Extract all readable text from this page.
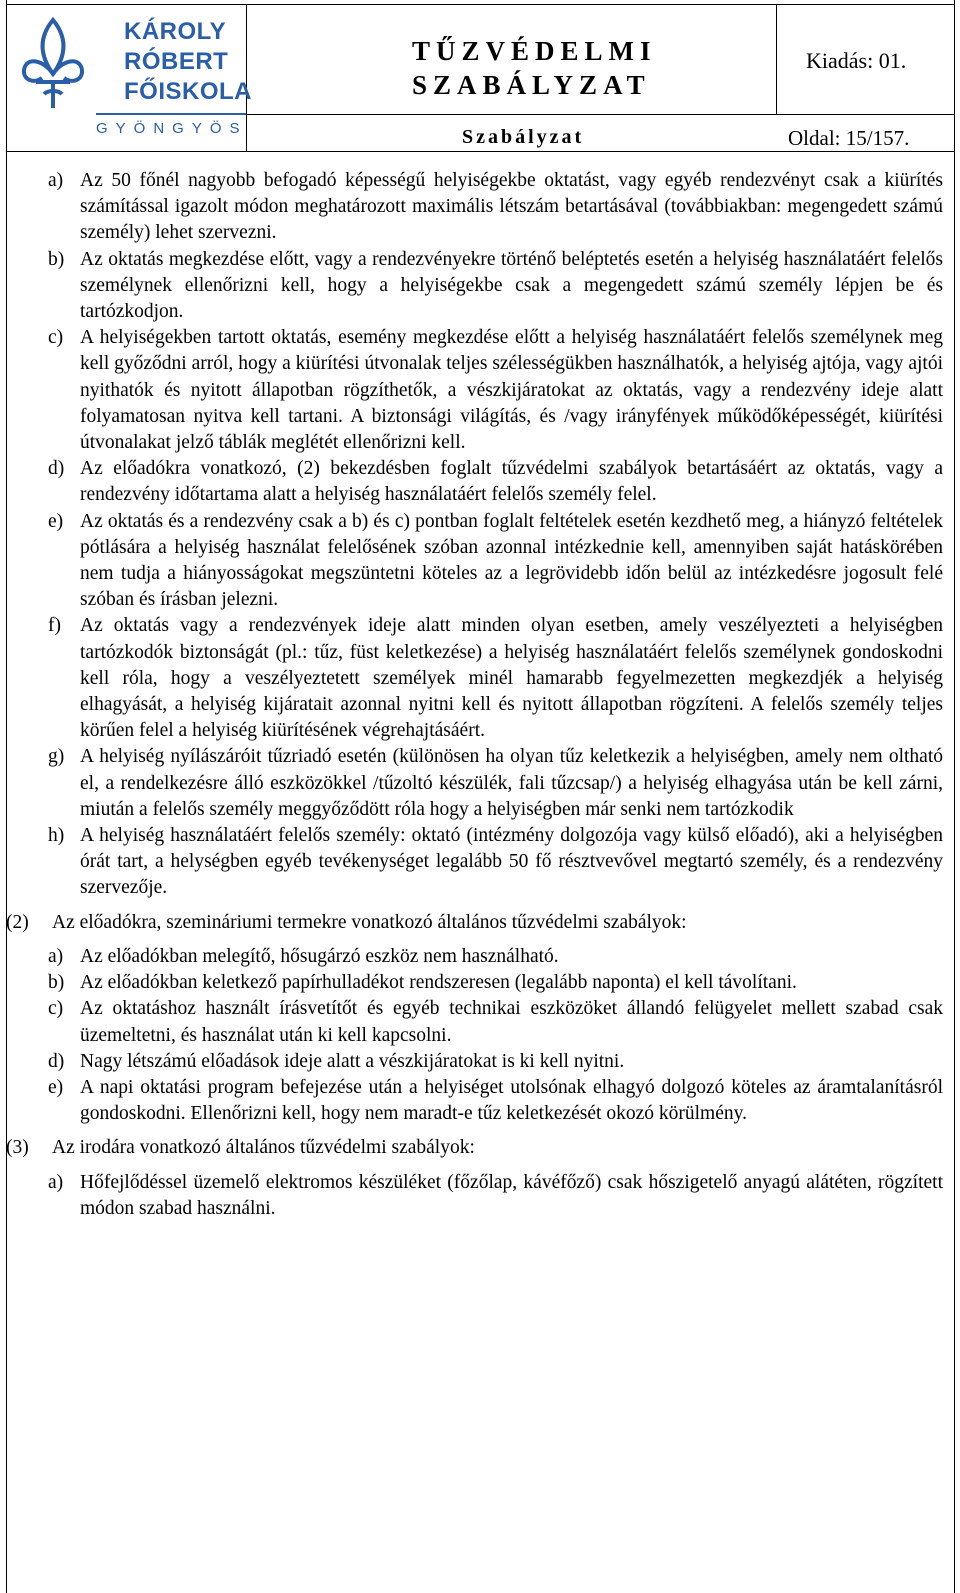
KÁROLY
RÓBERT
FŐISKOLA
GYÖNGYÖS
TŰZVÉDELMI
SZABÁLYZAT
Kiadás: 01.
Szabályzat	Oldal: 15/157.
a) Az 50 főnél nagyobb befogadó képességű helyiségekbe oktatást, vagy egyéb rendezvényt csak a kiürítés számítással igazolt módon meghatározott maximális létszám betartásával (továbbiakban: megengedett számú személy) lehet szervezni.
b) Az oktatás megkezdése előtt, vagy a rendezvényekre történő beléptetés esetén a helyiség használatáért felelős személynek ellenőrizni kell, hogy a helyiségekbe csak a megengedett számú személy lépjen be és tartózkodjon.
c) A helyiségekben tartott oktatás, esemény megkezdése előtt a helyiség használatáért felelős személynek meg kell győződni arról, hogy a kiürítési útvonalak teljes szélességükben használhatók, a helyiség ajtója, vagy ajtói nyithatók és nyitott állapotban rögzíthetők, a vészkijáratokat az oktatás, vagy a rendezvény ideje alatt folyamatosan nyitva kell tartani. A biztonsági világítás, és /vagy irányfények működőképességét, kiürítési útvonalakat jelző táblák meglétét ellenőrizni kell.
d) Az előadókra vonatkozó, (2) bekezdésben foglalt tűzvédelmi szabályok betartásáért az oktatás, vagy a rendezvény időtartama alatt a helyiség használatáért felelős személy felel.
e) Az oktatás és a rendezvény csak a b) és c) pontban foglalt feltételek esetén kezdhető meg, a hiányzó feltételek pótlására a helyiség használat felelősének szóban azonnal intézkednie kell, amennyiben saját hatáskörében nem tudja a hiányosságokat megszüntetni köteles az a legrövidebb időn belül az intézkedésre jogosult felé szóban és írásban jelezni.
f) Az oktatás vagy a rendezvények ideje alatt minden olyan esetben, amely veszélyezteti a helyiségben tartózkodók biztonságát (pl.: tűz, füst keletkezése) a helyiség használatáért felelős személynek gondoskodni kell róla, hogy a veszélyeztetett személyek minél hamarabb fegyelmezetten megkezdjék a helyiség elhagyását, a helyiség kijáratait azonnal nyitni kell és nyitott állapotban rögzíteni. A felelős személy teljes körűen felel a helyiség kiürítésének végrehajtásáért.
g) A helyiség nyílászáróit tűzriadó esetén (különösen ha olyan tűz keletkezik a helyiségben, amely nem oltható el, a rendelkezésre álló eszközökkel /tűzoltó készülék, fali tűzcsap/) a helyiség elhagyása után be kell zárni, miután a felelős személy meggyőződött róla hogy a helyiségben már senki nem tartózkodik
h) A helyiség használatáért felelős személy: oktató (intézmény dolgozója vagy külső előadó), aki a helyiségben órát tart, a helységben egyéb tevékenységet legalább 50 fő résztvevővel megtartó személy, és a rendezvény szervezője.
(2) Az előadókra, szemináriumi termekre vonatkozó általános tűzvédelmi szabályok:
a) Az előadókban melegítő, hősugárzó eszköz nem használható.
b) Az előadókban keletkező papírhulladékot rendszeresen (legalább naponta) el kell távolítani.
c) Az oktatáshoz használt írásvetítőt és egyéb technikai eszközöket állandó felügyelet mellett szabad csak üzemeltetni, és használat után ki kell kapcsolni.
d) Nagy létszámú előadások ideje alatt a vészkijáratokat is ki kell nyitni.
e) A napi oktatási program befejezése után a helyiséget utolsónak elhagyó dolgozó köteles az áramtalanításról gondoskodni. Ellenőrizni kell, hogy nem maradt-e tűz keletkezését okozó körülmény.
(3) Az irodára vonatkozó általános tűzvédelmi szabályok:
a) Hőfejlődéssel üzemelő elektromos készüléket (főzőlap, kávéfőző) csak hőszigetelő anyagú alátéten, rögzített módon szabad használni.
